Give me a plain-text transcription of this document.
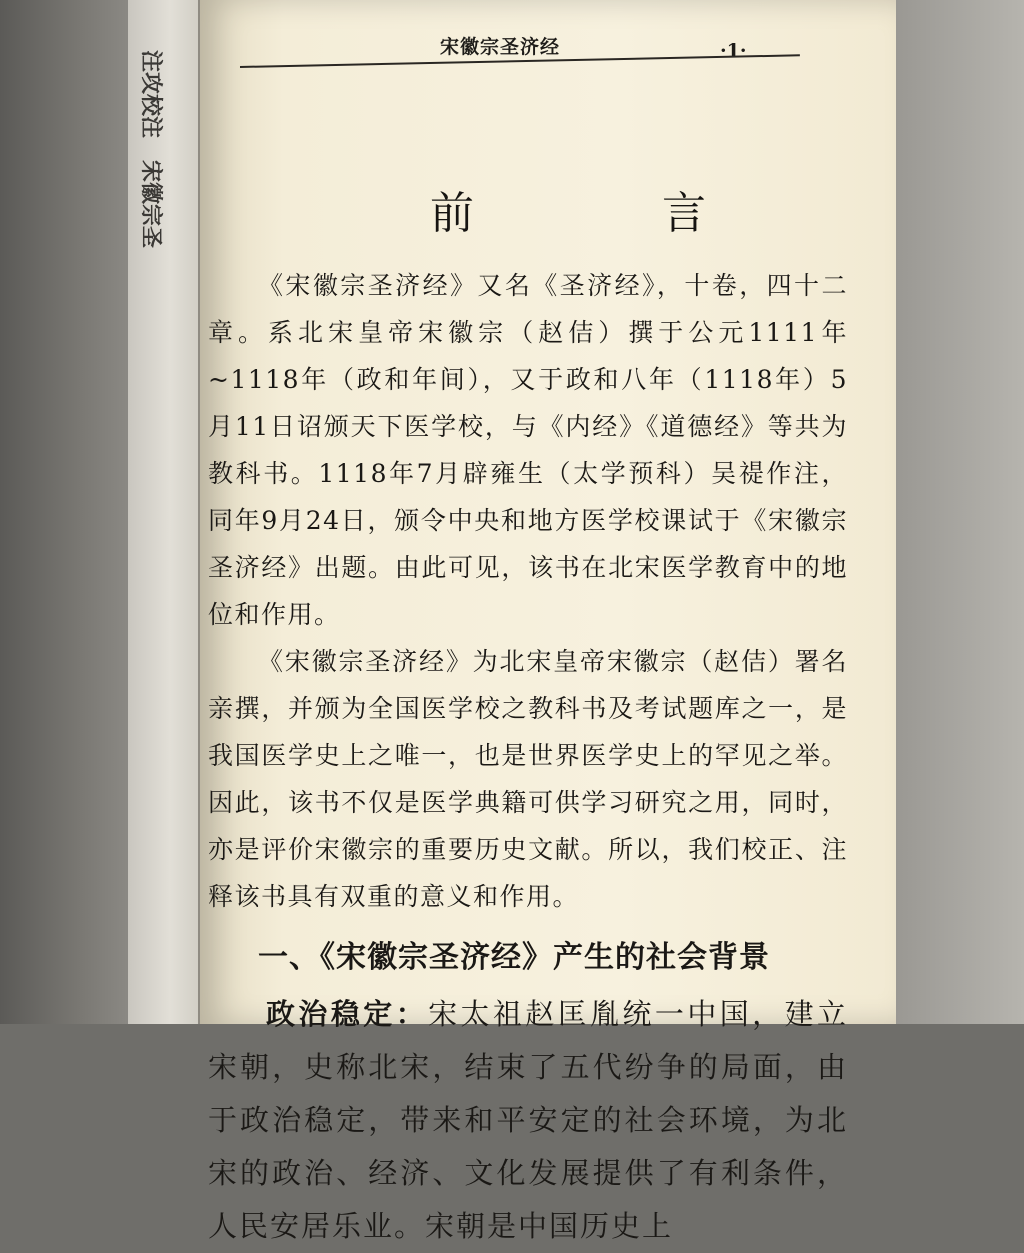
注攻校注
宋徽宗圣
宋徽宗圣济经	·1·
前　言

《宋徽宗圣济经》又名《圣济经》，十卷，四十二章。系北宋皇帝宋徽宗（赵佶）撰于公元1111年~1118年（政和年间），又于政和八年（1118年）5月11日诏颁天下医学校，与《内经》《道德经》等共为教科书。1118年7月辟雍生（太学预科）吴禔作注，同年9月24日，颁令中央和地方医学校课试于《宋徽宗圣济经》出题。由此可见，该书在北宋医学教育中的地位和作用。

《宋徽宗圣济经》为北宋皇帝宋徽宗（赵佶）署名亲撰，并颁为全国医学校之教科书及考试题库之一，是我国医学史上之唯一，也是世界医学史上的罕见之举。因此，该书不仅是医学典籍可供学习研究之用，同时，亦是评价宋徽宗的重要历史文献。所以，我们校正、注释该书具有双重的意义和作用。

一、《宋徽宗圣济经》产生的社会背景

政治稳定：宋太祖赵匡胤统一中国，建立宋朝，史称北宋，结束了五代纷争的局面，由于政治稳定，带来和平安定的社会环境，为北宋的政治、经济、文化发展提供了有利条件，人民安居乐业。宋朝是中国历史上
